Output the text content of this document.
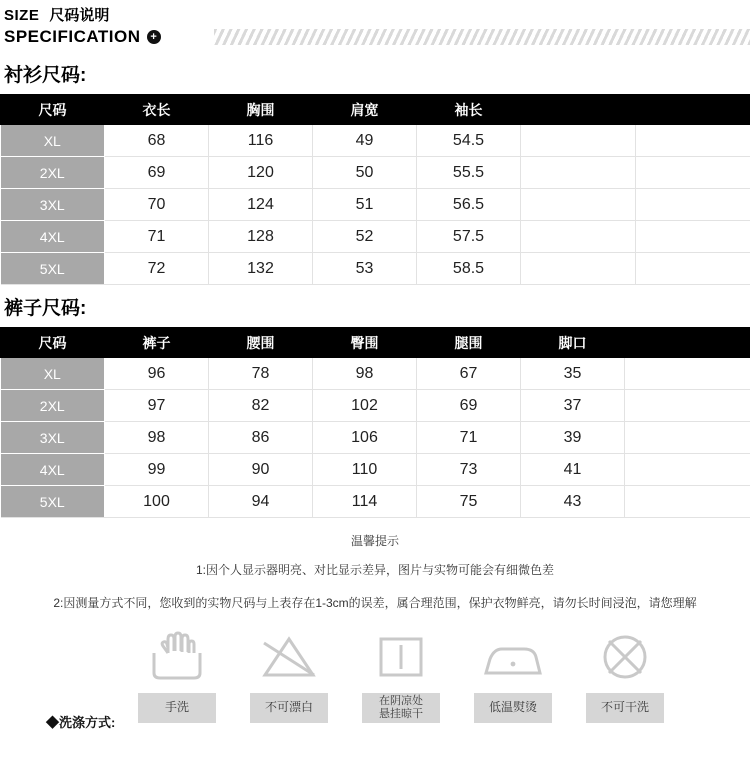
SIZE 尺码说明
SPECIFICATION +
衬衫尺码:
尺码	衣长	胸围	肩宽	袖长		
XL	68	116	49	54.5		
2XL	69	120	50	55.5		
3XL	70	124	51	56.5		
4XL	71	128	52	57.5		
5XL	72	132	53	58.5		
裤子尺码:
尺码	裤子	腰围	臀围	腿围	脚口	
XL	96	78	98	67	35	
2XL	97	82	102	69	37	
3XL	98	86	106	71	39	
4XL	99	90	110	73	41	
5XL	100	94	114	75	43	
温馨提示
1:因个人显示器明亮、对比显示差异，图片与实物可能会有细微色差
2:因测量方式不同，您收到的实物尺码与上表存在1-3cm的误差，属合理范围，保护衣物鲜亮，请勿长时间浸泡，请您理解
◆洗涤方式:
手洗	不可漂白	在阴凉处
悬挂晾干	低温熨烫	不可干洗
